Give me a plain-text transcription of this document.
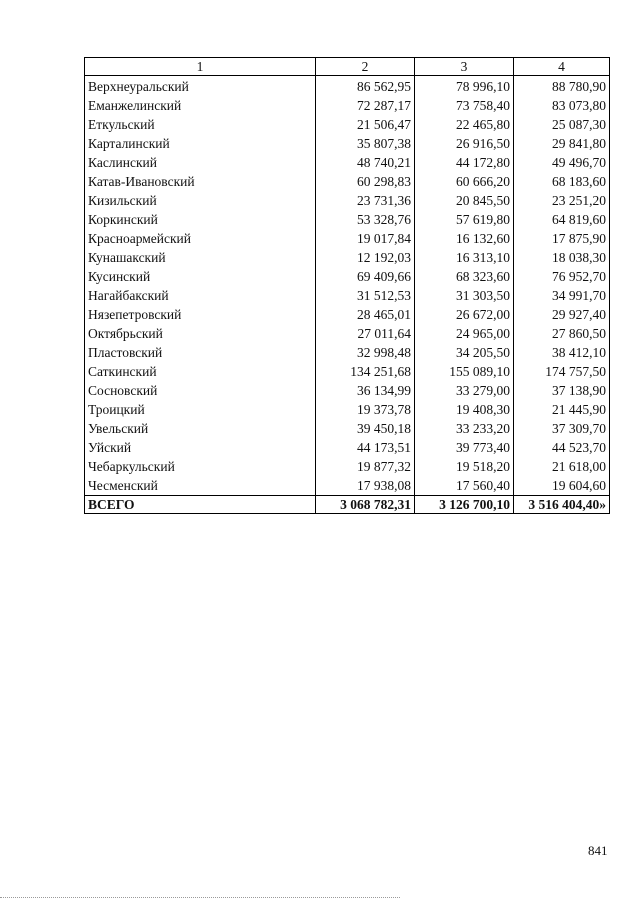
1	2	3	4
Верхнеуральский	86 562,95	78 996,10	88 780,90
Еманжелинский	72 287,17	73 758,40	83 073,80
Еткульский	21 506,47	22 465,80	25 087,30
Карталинский	35 807,38	26 916,50	29 841,80
Каслинский	48 740,21	44 172,80	49 496,70
Катав-Ивановский	60 298,83	60 666,20	68 183,60
Кизильский	23 731,36	20 845,50	23 251,20
Коркинский	53 328,76	57 619,80	64 819,60
Красноармейский	19 017,84	16 132,60	17 875,90
Кунашакский	12 192,03	16 313,10	18 038,30
Кусинский	69 409,66	68 323,60	76 952,70
Нагайбакский	31 512,53	31 303,50	34 991,70
Нязепетровский	28 465,01	26 672,00	29 927,40
Октябрьский	27 011,64	24 965,00	27 860,50
Пластовский	32 998,48	34 205,50	38 412,10
Саткинский	134 251,68	155 089,10	174 757,50
Сосновский	36 134,99	33 279,00	37 138,90
Троицкий	19 373,78	19 408,30	21 445,90
Увельский	39 450,18	33 233,20	37 309,70
Уйский	44 173,51	39 773,40	44 523,70
Чебаркульский	19 877,32	19 518,20	21 618,00
Чесменский	17 938,08	17 560,40	19 604,60
ВСЕГО	3 068 782,31	3 126 700,10	3 516 404,40»
841
